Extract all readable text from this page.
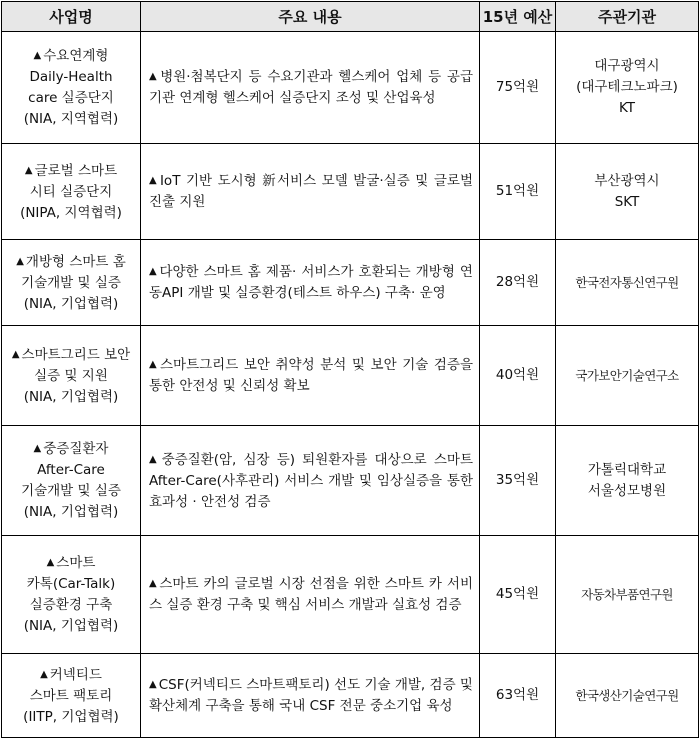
사업명	주요 내용	15년 예산	주관기관

▲ 수요연계형
Daily-Health
care 실증단지
(NIA, 지역협력)	▲ 병원·첨복단지 등 수요기관과 헬스케어 업체 등 공급기관 연계형 헬스케어 실증단지 조성 및 산업육성	75억원	대구광역시
(대구테크노파크)
KT

▲ 글로벌 스마트
시티 실증단지
(NIPA, 지역협력)	▲ IoT 기반 도시형 新서비스 모델 발굴·실증 및 글로벌 진출 지원	51억원	부산광역시
SKT

▲ 개방형 스마트 홈
기술개발 및 실증
(NIA, 기업협력)	▲ 다양한 스마트 홈 제품· 서비스가 호환되는 개방형 연동API 개발 및 실증환경(테스트 하우스) 구축· 운영	28억원	한국전자통신연구원

▲ 스마트그리드 보안
실증 및 지원
(NIA, 기업협력)	▲ 스마트그리드 보안 취약성 분석 및 보안 기술 검증을 통한 안전성 및 신뢰성 확보	40억원	국가보안기술연구소

▲ 중증질환자
After-Care
기술개발 및 실증
(NIA, 기업협력)	▲ 중증질환(암, 심장 등) 퇴원환자를 대상으로 스마트 After-Care(사후관리) 서비스 개발 및 임상실증을 통한 효과성 · 안전성 검증	35억원	가톨릭대학교
서울성모병원

▲ 스마트
카톡(Car-Talk)
실증환경 구축
(NIA, 기업협력)	▲ 스마트 카의 글로벌 시장 선점을 위한 스마트 카 서비스 실증 환경 구축 및 핵심 서비스 개발과 실효성 검증	45억원	자동차부품연구원

▲ 커넥티드
스마트 팩토리
(IITP, 기업협력)	▲ CSF(커넥티드 스마트팩토리) 선도 기술 개발, 검증 및 확산체계 구축을 통해 국내 CSF 전문 중소기업 육성	63억원	한국생산기술연구원
